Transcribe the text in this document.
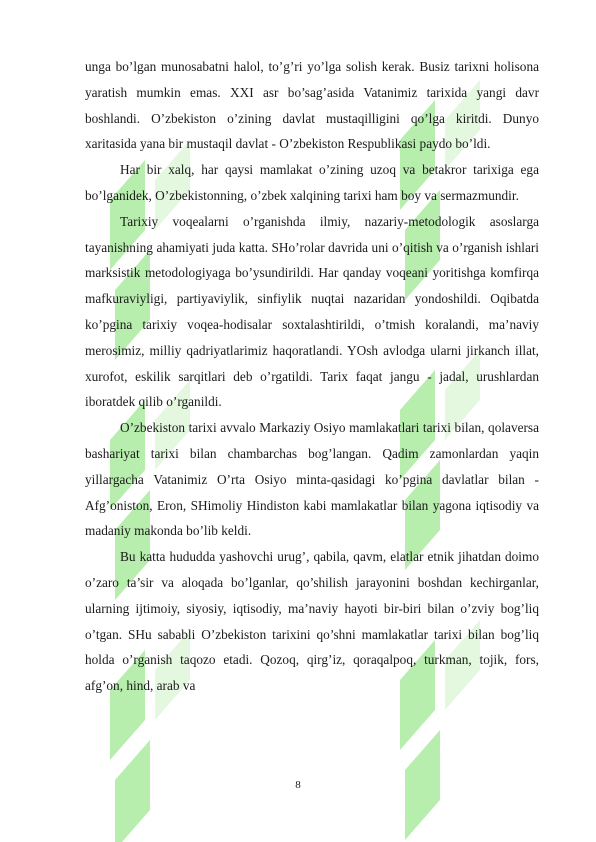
unga bo’lgan munosabatni halol, to’g’ri yo’lga solish kerak. Busiz tarixni holisona yaratish mumkin emas. XXI asr bo’sag’asida Vatanimiz tarixida yangi davr boshlandi. O’zbekiston o’zining davlat mustaqilligini qo’lga kiritdi. Dunyo xaritasida yana bir mustaqil davlat - O’zbekiston Respublikasi paydo bo’ldi.

Har bir xalq, har qaysi mamlakat o’zining uzoq va betakror tarixiga ega bo’lganidek, O’zbekistonning, o’zbek xalqining tarixi ham boy va sermazmundir.

Tarixiy voqealarni o’rganishda ilmiy, nazariy-metodologik asoslarga tayanishning ahamiyati juda katta. SHo’rolar davrida uni o’qitish va o’rganish ishlari marksistik metodologiyaga bo’ysundirildi. Har qanday voqeani yoritishga komfirqa mafkuraviyligi, partiyaviylik, sinfiylik nuqtai nazaridan yondoshildi. Oqibatda ko’pgina tarixiy voqea-hodisalar soxtalashtirildi, o’tmish koralandi, ma’naviy merosimiz, milliy qadriyatlarimiz haqoratlandi. YOsh avlodga ularni jirkanch illat, xurofot, eskilik sarqitlari deb o’rgatildi. Tarix faqat jangu - jadal, urushlardan iboratdek qilib o’rganildi.

O’zbekiston tarixi avvalo Markaziy Osiyo mamlakatlari tarixi bilan, qolaversa bashariyat tarixi bilan chambarchas bog’langan. Qadim zamonlardan yaqin yillargacha Vatanimiz O’rta Osiyo minta-qasidagi ko’pgina davlatlar bilan - Afg’oniston, Eron, SHimoliy Hindiston kabi mamlakatlar bilan yagona iqtisodiy va madaniy makonda bo’lib keldi.

Bu katta hududda yashovchi urug’, qabila, qavm, elatlar etnik jihatdan doimo o’zaro ta’sir va aloqada bo’lganlar, qo’shilish jarayonini boshdan kechirganlar, ularning ijtimoiy, siyosiy, iqtisodiy, ma’naviy hayoti bir-biri bilan o’zviy bog’liq o’tgan. SHu sababli O’zbekiston tarixini qo’shni mamlakatlar tarixi bilan bog’liq holda o’rganish taqozo etadi. Qozoq, qirg’iz, qoraqalpoq, turkman, tojik, fors, afg’on, hind, arab va

8
